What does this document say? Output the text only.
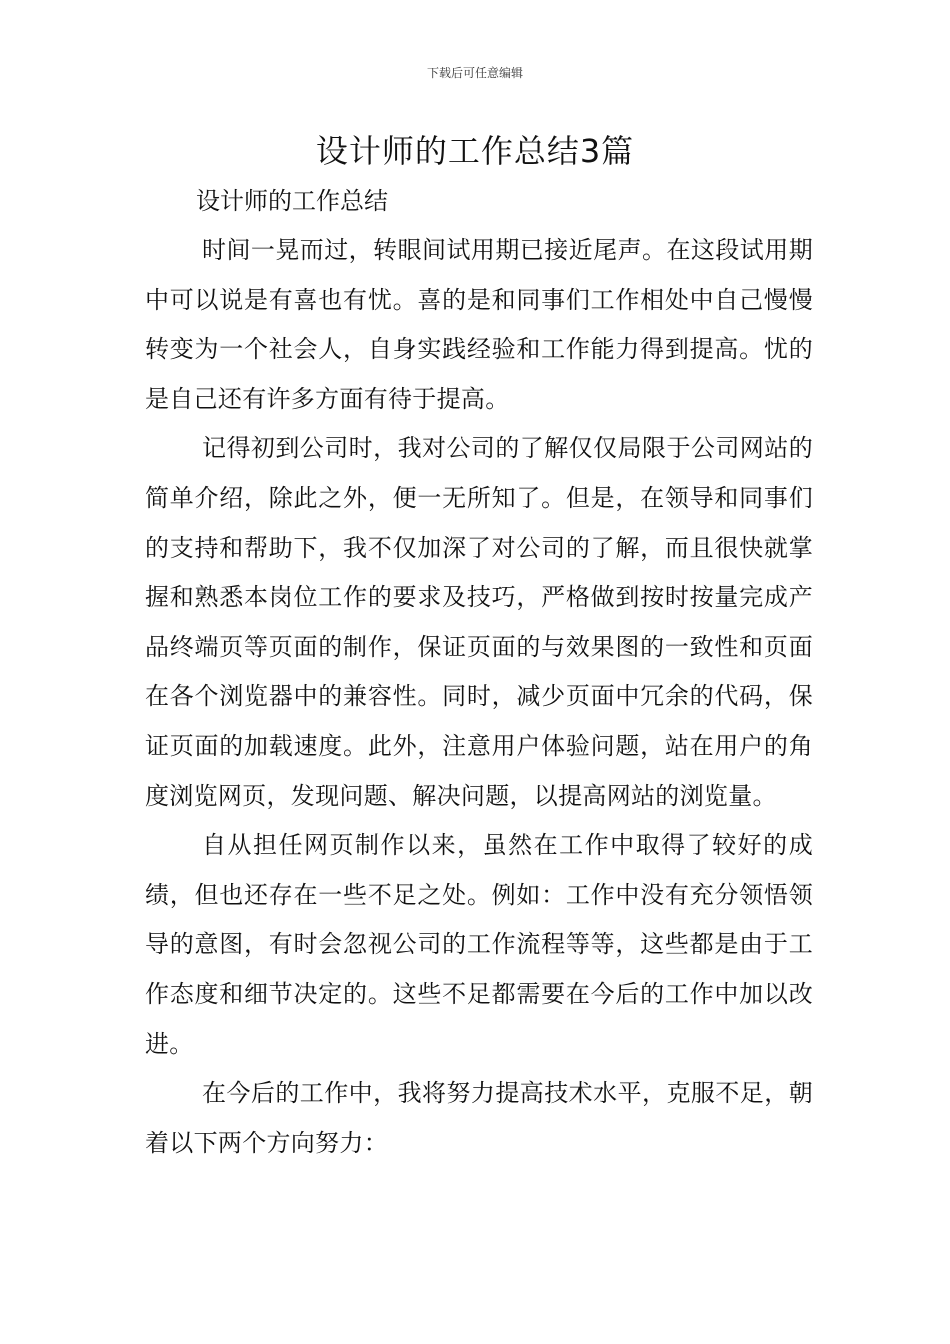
下载后可任意编辑
设计师的工作总结3篇
设计师的工作总结

时间一晃而过，转眼间试用期已接近尾声。在这段试用期中可以说是有喜也有忧。喜的是和同事们工作相处中自己慢慢转变为一个社会人，自身实践经验和工作能力得到提高。忧的是自己还有许多方面有待于提高。

记得初到公司时，我对公司的了解仅仅局限于公司网站的简单介绍，除此之外，便一无所知了。但是，在领导和同事们的支持和帮助下，我不仅加深了对公司的了解，而且很快就掌握和熟悉本岗位工作的要求及技巧，严格做到按时按量完成产品终端页等页面的制作，保证页面的与效果图的一致性和页面在各个浏览器中的兼容性。同时，减少页面中冗余的代码，保证页面的加载速度。此外，注意用户体验问题，站在用户的角度浏览网页，发现问题、解决问题，以提高网站的浏览量。

自从担任网页制作以来，虽然在工作中取得了较好的成绩，但也还存在一些不足之处。例如：工作中没有充分领悟领导的意图，有时会忽视公司的工作流程等等，这些都是由于工作态度和细节决定的。这些不足都需要在今后的工作中加以改进。

在今后的工作中，我将努力提高技术水平，克服不足，朝着以下两个方向努力：
